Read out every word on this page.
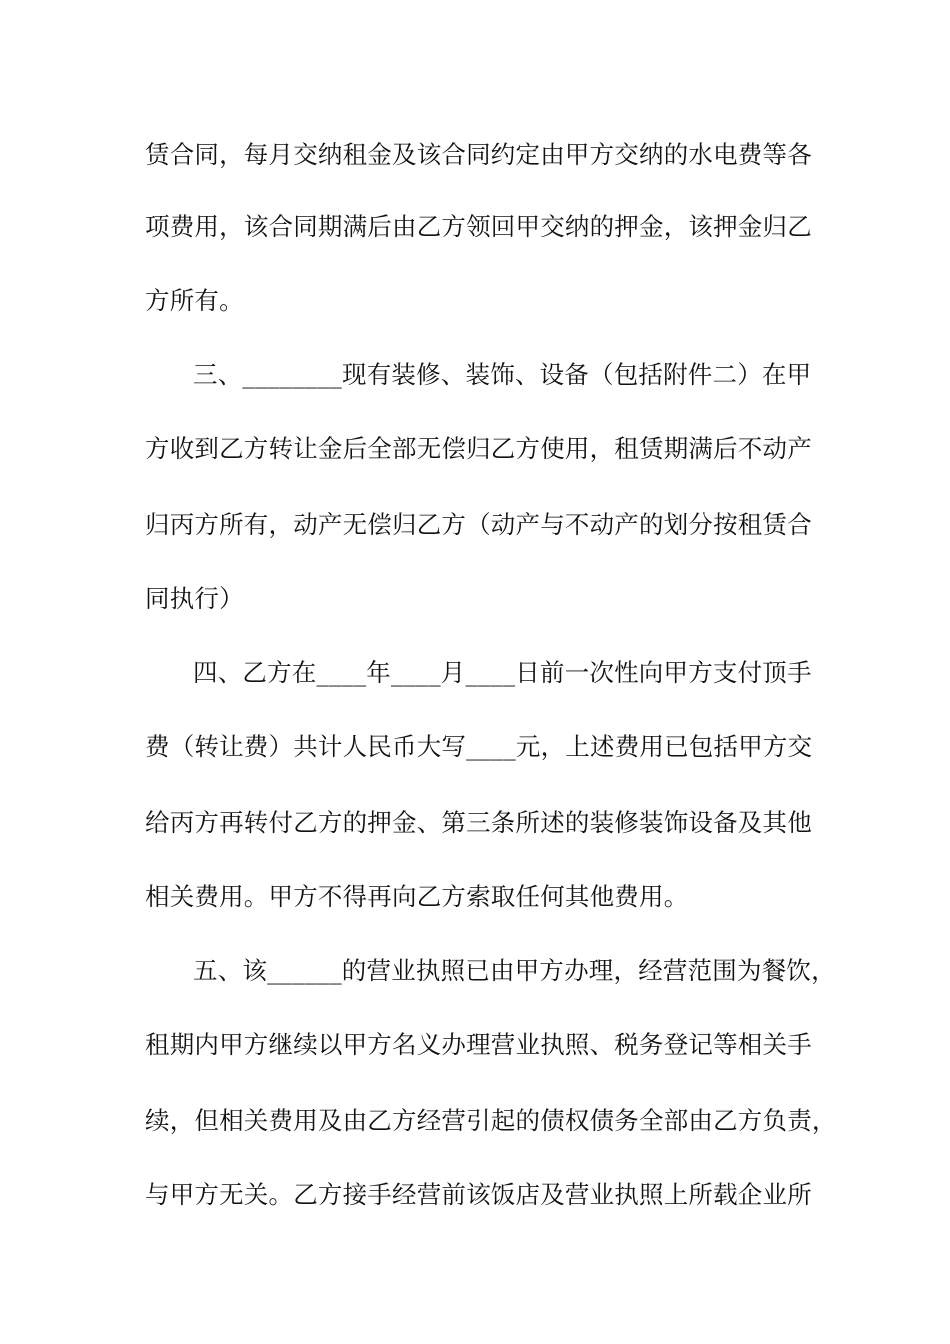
赁合同，每月交纳租金及该合同约定由甲方交纳的水电费等各
项费用，该合同期满后由乙方领回甲交纳的押金，该押金归乙
方所有。
三、________现有装修、装饰、设备（包括附件二）在甲
方收到乙方转让金后全部无偿归乙方使用，租赁期满后不动产
归丙方所有，动产无偿归乙方（动产与不动产的划分按租赁合
同执行）
四、乙方在____年____月____日前一次性向甲方支付顶手
费（转让费）共计人民币大写____元，上述费用已包括甲方交
给丙方再转付乙方的押金、第三条所述的装修装饰设备及其他
相关费用。甲方不得再向乙方索取任何其他费用。
五、该______的营业执照已由甲方办理，经营范围为餐饮，
租期内甲方继续以甲方名义办理营业执照、税务登记等相关手
续，但相关费用及由乙方经营引起的债权债务全部由乙方负责，
与甲方无关。乙方接手经营前该饭店及营业执照上所载企业所
